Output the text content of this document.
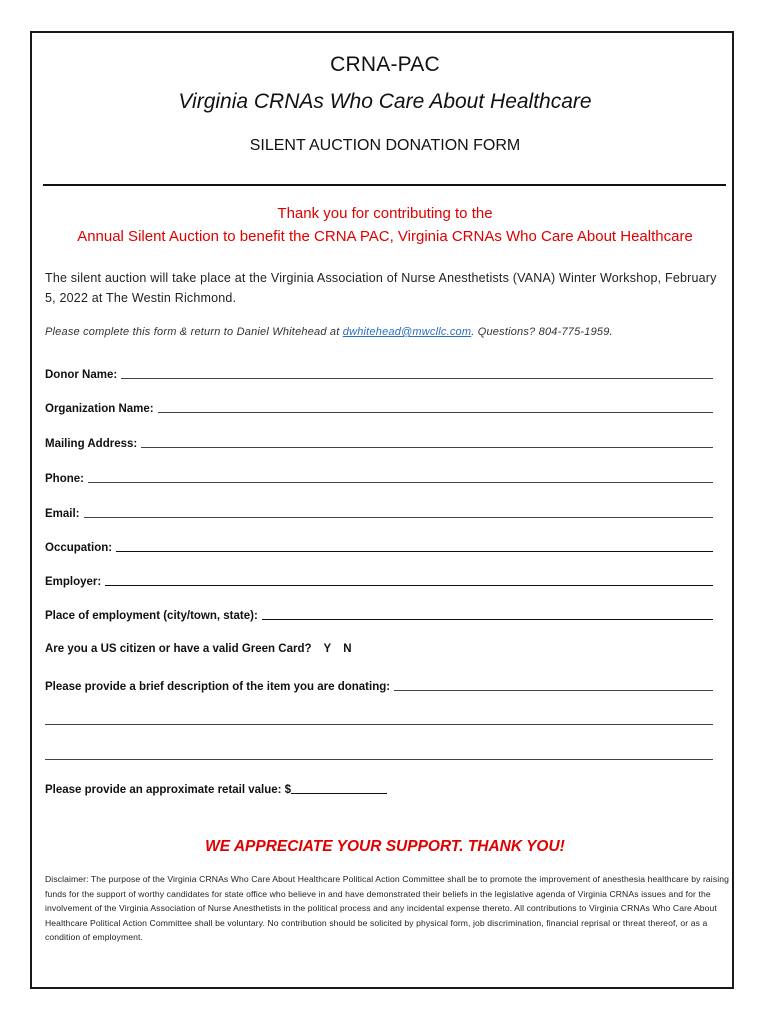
CRNA-PAC
Virginia CRNAs Who Care About Healthcare
SILENT AUCTION DONATION FORM
Thank you for contributing to the
Annual Silent Auction to benefit the CRNA PAC, Virginia CRNAs Who Care About Healthcare
The silent auction will take place at the Virginia Association of Nurse Anesthetists (VANA) Winter Workshop, February 5, 2022 at The Westin Richmond.
Please complete this form & return to Daniel Whitehead at dwhitehead@mwcllc.com. Questions? 804-775-1959.
Donor Name:
Organization Name:
Mailing Address:
Phone:
Email:
Occupation:
Employer:
Place of employment (city/town, state):
Are you a US citizen or have a valid Green Card? Y N
Please provide a brief description of the item you are donating:
Please provide an approximate retail value: $
WE APPRECIATE YOUR SUPPORT. THANK YOU!
Disclaimer: The purpose of the Virginia CRNAs Who Care About Healthcare Political Action Committee shall be to promote the improvement of anesthesia healthcare by raising funds for the support of worthy candidates for state office who believe in and have demonstrated their beliefs in the legislative agenda of Virginia CRNAs issues and for the involvement of the Virginia Association of Nurse Anesthetists in the political process and any incidental expense thereto. All contributions to Virginia CRNAs Who Care About Healthcare Political Action Committee shall be voluntary. No contribution should be solicited by physical form, job discrimination, financial reprisal or threat thereof, or as a condition of employment.
